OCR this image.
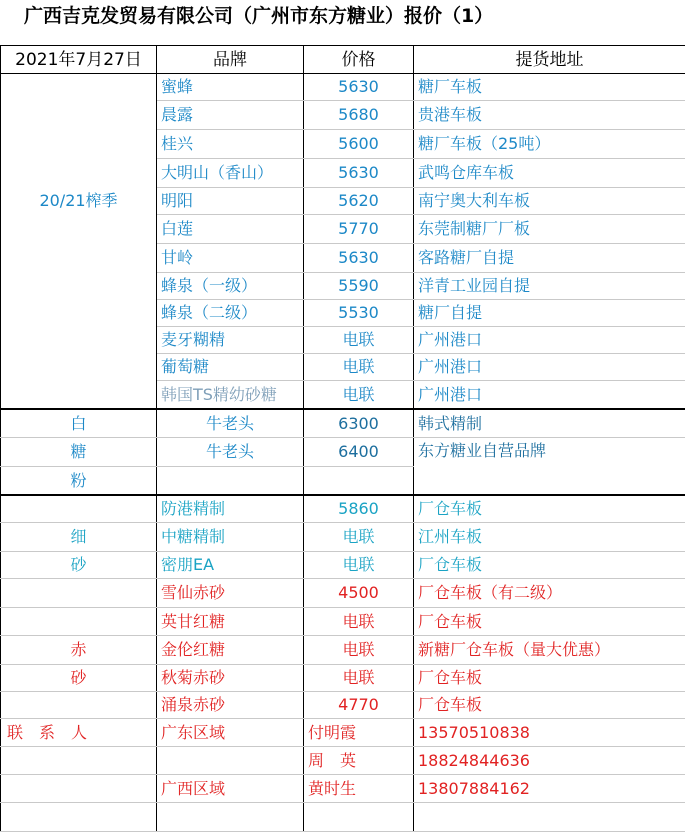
广西吉克发贸易有限公司（广州市东方糖业）报价（1）
2021年7月27日	品牌	价格	提货地址
20/21榨季	蜜蜂	5630	糖厂车板
	晨露	5680	贵港车板
	桂兴	5600	糖厂车板（25吨）
	大明山（香山）	5630	武鸣仓库车板
	明阳	5620	南宁奥大利车板
	白莲	5770	东莞制糖厂厂板
	甘岭	5630	客路糖厂自提
	蜂泉（一级）	5590	洋青工业园自提
	蜂泉（二级）	5530	糖厂自提
	麦牙糊精	电联	广州港口
	葡萄糖	电联	广州港口
	韩国TS精幼砂糖	电联	广州港口
白	牛老头	6300	韩式精制
糖	牛老头	6400	东方糖业自营品牌
粉			
	防港精制	5860	厂仓车板
细	中糖精制	电联	江州车板
砂	密朋EA	电联	厂仓车板
	雪仙赤砂	4500	厂仓车板（有二级）
	英甘红糖	电联	厂仓车板
赤	金伦红糖	电联	新糖厂仓车板（量大优惠）
砂	秋菊赤砂	电联	厂仓车板
	涌泉赤砂	4770	厂仓车板
联　系　人	广东区域	付明霞	13570510838
		周　英	18824844636
	广西区域	黄时生	13807884162
